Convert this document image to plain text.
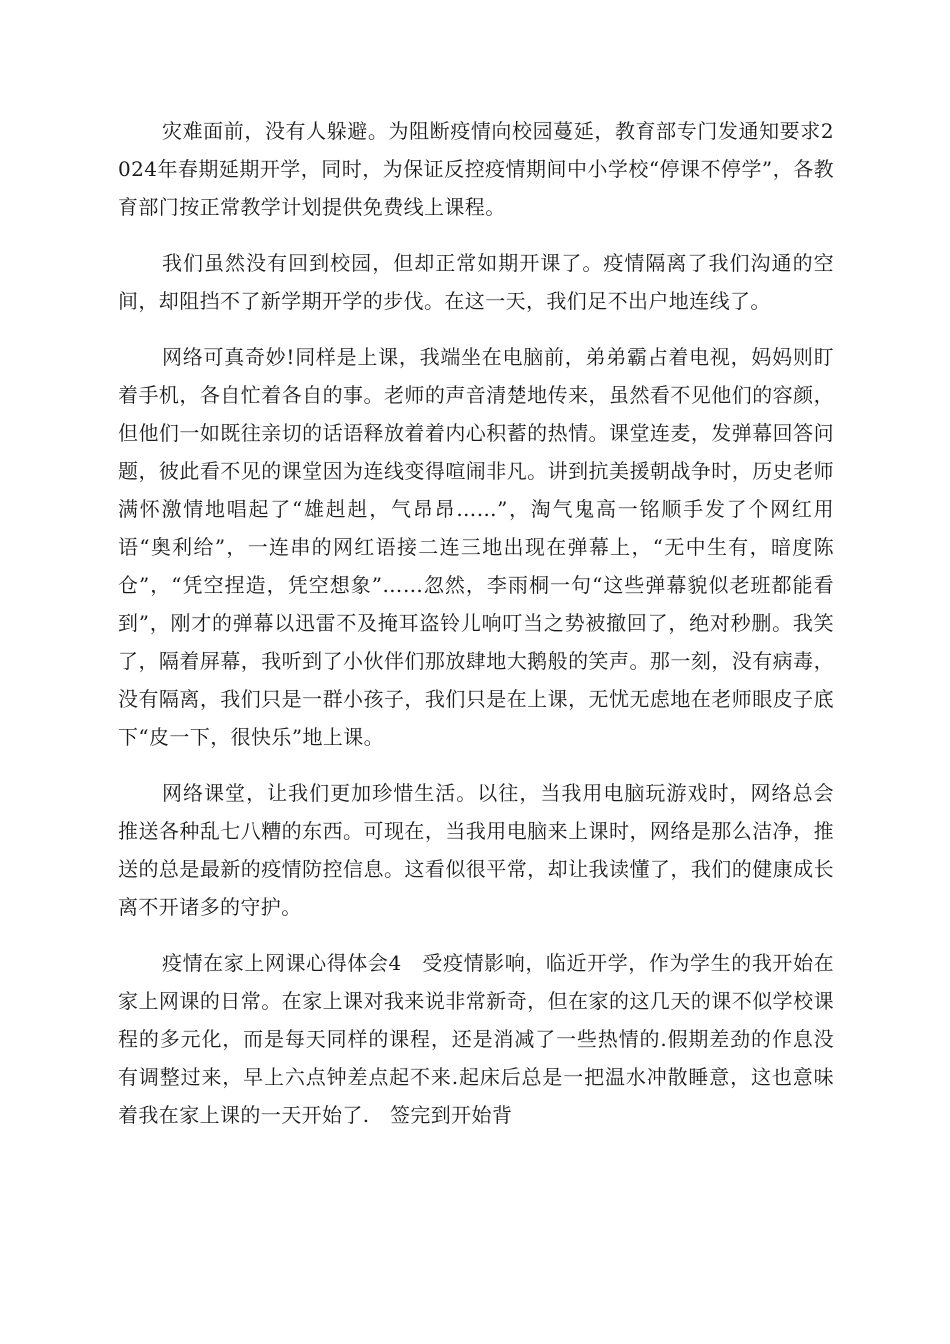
灾难面前，没有人躲避。为阻断疫情向校园蔓延，教育部专门发通知要求2024年春期延期开学，同时，为保证反控疫情期间中小学校“停课不停学”，各教育部门按正常教学计划提供免费线上课程。

我们虽然没有回到校园，但却正常如期开课了。疫情隔离了我们沟通的空间，却阻挡不了新学期开学的步伐。在这一天，我们足不出户地连线了。

网络可真奇妙!同样是上课，我端坐在电脑前，弟弟霸占着电视，妈妈则盯着手机，各自忙着各自的事。老师的声音清楚地传来，虽然看不见他们的容颜，但他们一如既往亲切的话语释放着着内心积蓄的热情。课堂连麦，发弹幕回答问题，彼此看不见的课堂因为连线变得喧闹非凡。讲到抗美援朝战争时，历史老师满怀激情地唱起了“雄赳赳，气昂昂……”，淘气鬼高一铭顺手发了个网红用语“奥利给”，一连串的网红语接二连三地出现在弹幕上，“无中生有，暗度陈仓”，“凭空捏造，凭空想象”……忽然，李雨桐一句“这些弹幕貌似老班都能看到”，刚才的弹幕以迅雷不及掩耳盗铃儿响叮当之势被撤回了，绝对秒删。我笑了，隔着屏幕，我听到了小伙伴们那放肆地大鹅般的笑声。那一刻，没有病毒，没有隔离，我们只是一群小孩子，我们只是在上课，无忧无虑地在老师眼皮子底下“皮一下，很快乐”地上课。

网络课堂，让我们更加珍惜生活。以往，当我用电脑玩游戏时，网络总会推送各种乱七八糟的东西。可现在，当我用电脑来上课时，网络是那么洁净，推送的总是最新的疫情防控信息。这看似很平常，却让我读懂了，我们的健康成长离不开诸多的守护。

疫情在家上网课心得体会4　受疫情影响，临近开学，作为学生的我开始在家上网课的日常。在家上课对我来说非常新奇，但在家的这几天的课不似学校课程的多元化，而是每天同样的课程，还是消减了一些热情的.假期差劲的作息没有调整过来，早上六点钟差点起不来.起床后总是一把温水冲散睡意，这也意味着我在家上课的一天开始了.　签完到开始背
